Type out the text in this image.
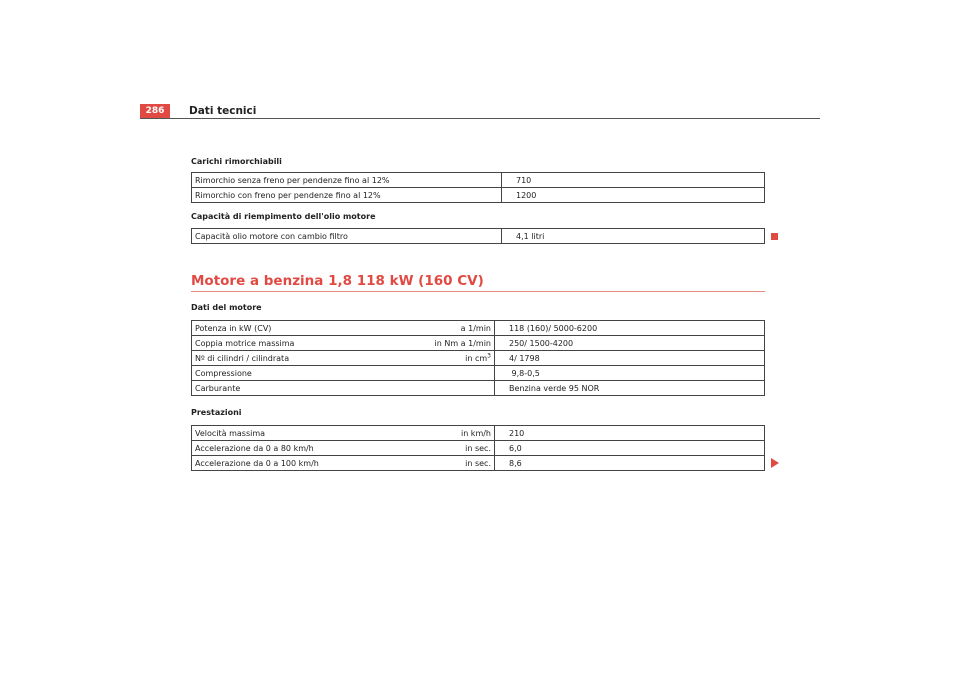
286	Dati tecnici
Carichi rimorchiabili
Rimorchio senza freno per pendenze fino al 12%	710
Rimorchio con freno per pendenze fino al 12%	1200
Capacità di riempimento dell'olio motore
Capacità olio motore con cambio filtro	4,1 litri
Motore a benzina 1,8 118 kW (160 CV)
Dati del motore
Potenza in kW (CV)	a 1/min	118 (160)/ 5000-6200
Coppia motrice massima	in Nm a 1/min	250/ 1500-4200
Nº di cilindri / cilindrata	in $cm^3$	4/ 1798
Compressione		9,8-0,5
Carburante		Benzina verde 95 NOR
Prestazioni
Velocità massima	in km/h	210
Accelerazione da 0 a 80 km/h	in sec.	6,0
Accelerazione da 0 a 100 km/h	in sec.	8,6
